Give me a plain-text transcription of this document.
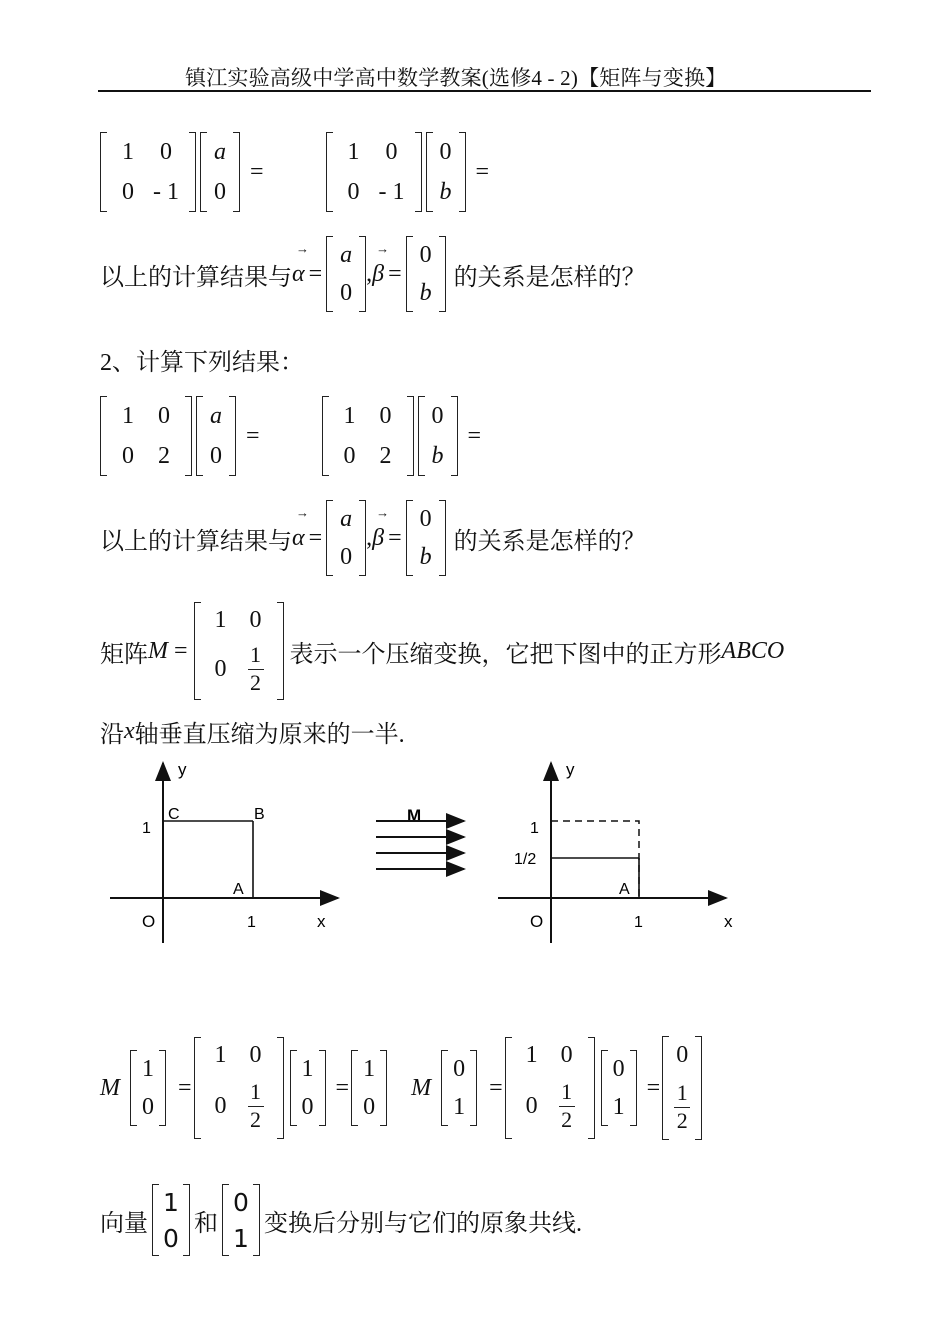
镇江实验高级中学高中数学教案(选修4 - 2)【矩阵与变换】
1 0
0 - 1
a
0
=
1 0
0 - 1
0
b
=
以上的计算结果与
→
α =
a
0
,
→
β =
0
b
的关系是怎样的？
2、计算下列结果：
1 0
0 2
a
0
=
1 0
0 2
0
b
=
以上的计算结果与
→
α =
a
0
,
→
β =
0
b
的关系是怎样的？
矩阵 M =
1 0
$0 \frac{1}{2}$ 表示一个压缩变换，它把下图中的正方形 ABCO
沿 x 轴垂直压缩为原来的一半.
y
x
O
A
B
C
1
1
M
y
x
O
A
1
1/2
1
M
1
0
=
1 0
$0 \frac{1}{2}$
1
0
=
1
0
M
0
1
=
1 0
$0 \frac{1}{2}$
0
1
=
0
$\frac{1}{2}$
向量
1
0 和
0
1 变换后分别与它们的原象共线.
